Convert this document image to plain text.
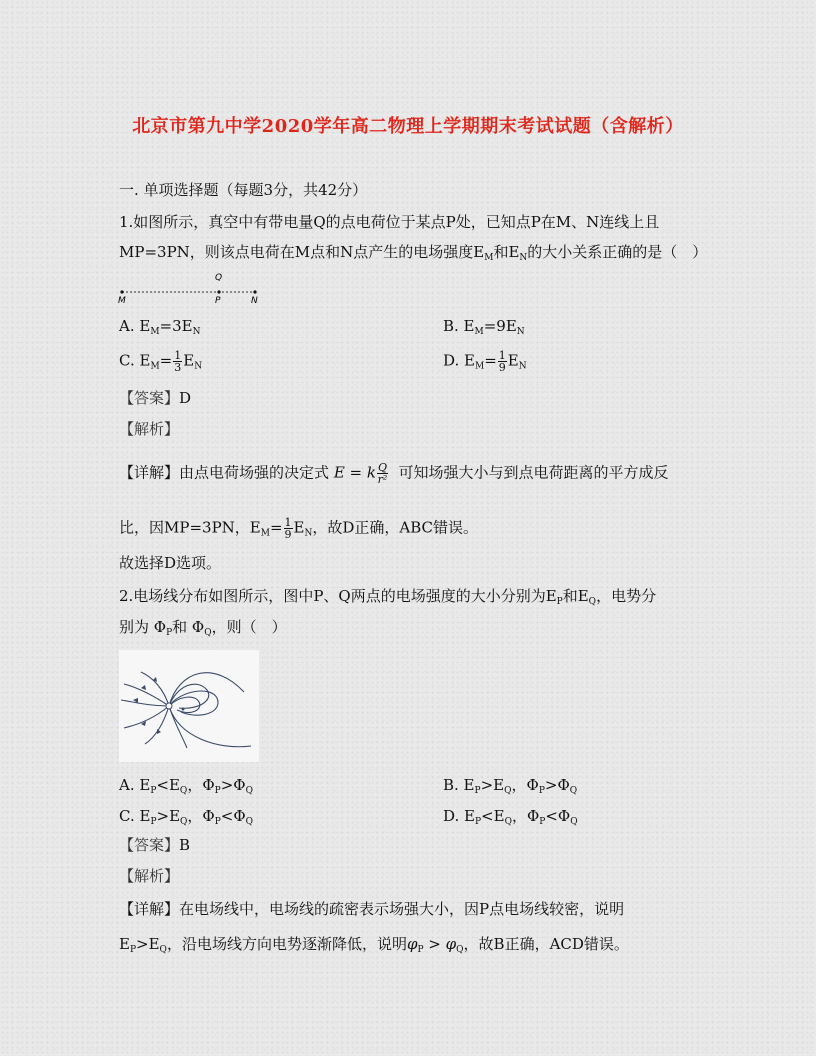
北京市第九中学2020学年高二物理上学期期末考试试题（含解析）
一. 单项选择题（每题3分，共42分）
1.如图所示，真空中有带电量Q的点电荷位于某点P处，已知点P在M、N连线上且
MP=3PN，则该点电荷在M点和N点产生的电场强度$E_M$和$E_N$的大小关系正确的是（　）
Q
M	P	N
A. $E_M=3E_N$	B. $E_M=9E_N$
C. $E_M= \frac{1}{3} E_N$	D. $E_M= \frac{1}{9} E_N$
【答案】D
【解析】
【详解】由点电荷场强的决定式 E = k $\frac{Q}{\text{r²}}$ 可知场强大小与到点电荷距离的平方成反
比，因MP=3PN，$E_M= \frac{1}{9} E_N$，故D正确，ABC错误。
故选择D选项。
2.电场线分布如图所示，图中P、Q两点的电场强度的大小分别为$E_P$和$E_Q$，电势分
别为 $\Phi_P$和 $\Phi_Q$，则（　）
A. $E_P<E_Q$，$\Phi_P>\Phi_Q$	B. $E_P>E_Q$，$\Phi_P>\Phi_Q$
C. $E_P>E_Q$，$\Phi_P<\Phi_Q$	D. $E_P<E_Q$，$\Phi_P<\Phi_Q$
【答案】B
【解析】
【详解】在电场线中，电场线的疏密表示场强大小，因P点电场线较密，说明
$E_P>E_Q$，沿电场线方向电势逐渐降低，说明$\varphi_P > \varphi_Q$，故B正确，ACD错误。
